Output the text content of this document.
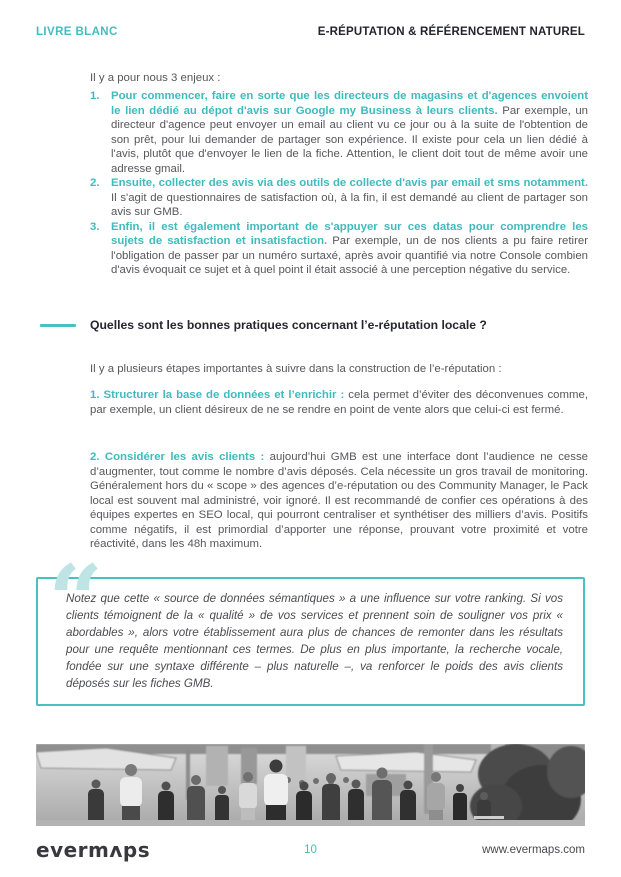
LIVRE BLANC	E-RÉPUTATION & RÉFÉRENCEMENT NATUREL

Il y a pour nous 3 enjeux :

1.	Pour commencer, faire en sorte que les directeurs de magasins et d'agences envoient le lien dédié au dépot d'avis sur Google my Business à leurs clients. Par exemple, un directeur d'agence peut envoyer un email au client vu ce jour ou à la suite de l'obtention de son prêt, pour lui demander de partager son expérience. Il existe pour cela un lien dédié à l'avis, plutôt que d'envoyer le lien de la fiche. Attention, le client doit tout de même avoir une adresse gmail.
2.	Ensuite, collecter des avis via des outils de collecte d'avis par email et sms notamment. Il s'agit de questionnaires de satisfaction où, à la fin, il est demandé au client de partager son avis sur GMB.
3.	Enfin, il est également important de s'appuyer sur ces datas pour comprendre les sujets de satisfaction et insatisfaction. Par exemple, un de nos clients a pu faire retirer l'obligation de passer par un numéro surtaxé, après avoir quantifié via notre Console combien d'avis évoquait ce sujet et à quel point il était associé à une perception négative du service.
Quelles sont les bonnes pratiques concernant l’e-réputation locale ?

Il y a plusieurs étapes importantes à suivre dans la construction de l’e-réputation :

1. Structurer la base de données et l’enrichir : cela permet d’éviter des déconvenues comme, par exemple, un client désireux de ne se rendre en point de vente alors que celui-ci est fermé.

2. Considérer les avis clients : aujourd’hui GMB est une interface dont l’audience ne cesse d’augmenter, tout comme le nombre d’avis déposés. Cela nécessite un gros travail de monitoring. Généralement hors du « scope » des agences d’e-réputation ou des Community Manager, le Pack local est souvent mal administré, voir ignoré. Il est recommandé de confier ces opérations à des équipes expertes en SEO local, qui pourront centraliser et synthétiser des milliers d’avis. Positifs comme négatifs, il est primordial d’apporter une réponse, prouvant votre proximité et votre réactivité, dans les 48h maximum.

“
Notez que cette « source de données sémantiques » a une influence sur votre ranking. Si vos clients témoignent de la « qualité » de vos services et prennent soin de souligner vos prix « abordables », alors votre établissement aura plus de chances de remonter dans les résultats pour une requête mentionnant ces termes. De plus en plus importante, la recherche vocale, fondée sur une syntaxe différente – plus naturelle –, va renforcer le poids des avis clients déposés sur les fiches GMB.
evermʌps	10	www.evermaps.com
